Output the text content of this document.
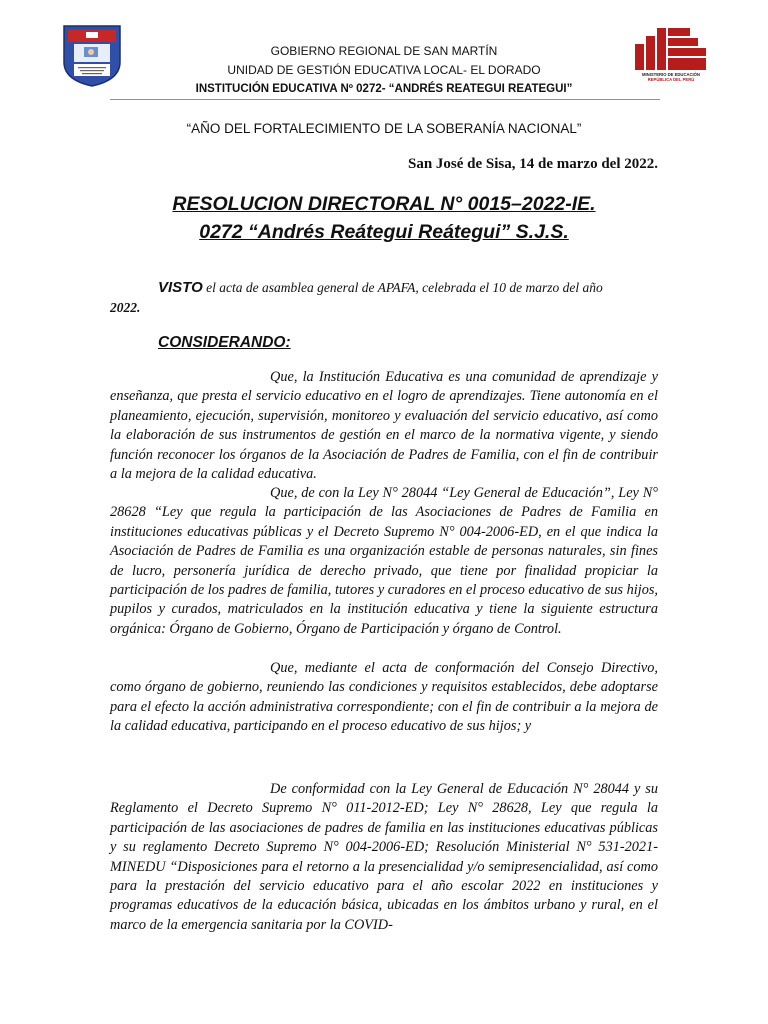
GOBIERNO REGIONAL DE SAN MARTÍN
UNIDAD DE GESTIÓN EDUCATIVA LOCAL- EL DORADO
INSTITUCIÓN EDUCATIVA Nº 0272- “ANDRÉS REATEGUI REATEGUI”
MINISTERIO DE EDUCACIÓN
REPÚBLICA DEL PERÚ
“AÑO DEL FORTALECIMIENTO DE LA SOBERANÍA NACIONAL”
San José de Sisa, 14 de marzo del 2022.
RESOLUCION DIRECTORAL N° 0015–2022-IE.
0272 “Andrés Reátegui Reátegui” S.J.S.
VISTO el acta de asamblea general de APAFA, celebrada el 10 de marzo del año
2022.
CONSIDERANDO:
Que, la Institución Educativa es una comunidad de aprendizaje y enseñanza, que presta el servicio educativo en el logro de aprendizajes. Tiene autonomía en el planeamiento, ejecución, supervisión, monitoreo y evaluación del servicio educativo, así como la elaboración de sus instrumentos de gestión en el marco de la normativa vigente, y siendo función reconocer los órganos de la Asociación de Padres de Familia, con el fin de contribuir a la mejora de la calidad educativa.
Que, de con la Ley N° 28044 “Ley General de Educación”, Ley N° 28628 “Ley que regula la participación de las Asociaciones de Padres de Familia en instituciones educativas públicas y el Decreto Supremo N° 004-2006-ED, en el que indica la Asociación de Padres de Familia es una organización estable de personas naturales, sin fines de lucro, personería jurídica de derecho privado, que tiene por finalidad propiciar la participación de los padres de familia, tutores y curadores en el proceso educativo de sus hijos, pupilos y curados, matriculados en la institución educativa y tiene la siguiente estructura orgánica: Órgano de Gobierno, Órgano de Participación y órgano de Control.
Que, mediante el acta de conformación del Consejo Directivo, como órgano de gobierno, reuniendo las condiciones y requisitos establecidos, debe adoptarse para el efecto la acción administrativa correspondiente; con el fin de contribuir a la mejora de la calidad educativa, participando en el proceso educativo de sus hijos; y
De conformidad con la Ley General de Educación N° 28044 y su Reglamento el Decreto Supremo N° 011-2012-ED; Ley N° 28628, Ley que regula la participación de las asociaciones de padres de familia en las instituciones educativas públicas y su reglamento Decreto Supremo N° 004-2006-ED; Resolución Ministerial N° 531-2021-MINEDU “Disposiciones para el retorno a la presencialidad y/o semipresencialidad, así como para la prestación del servicio educativo para el año escolar 2022 en instituciones y programas educativos de la educación básica, ubicadas en los ámbitos urbano y rural, en el marco de la emergencia sanitaria por la COVID-
